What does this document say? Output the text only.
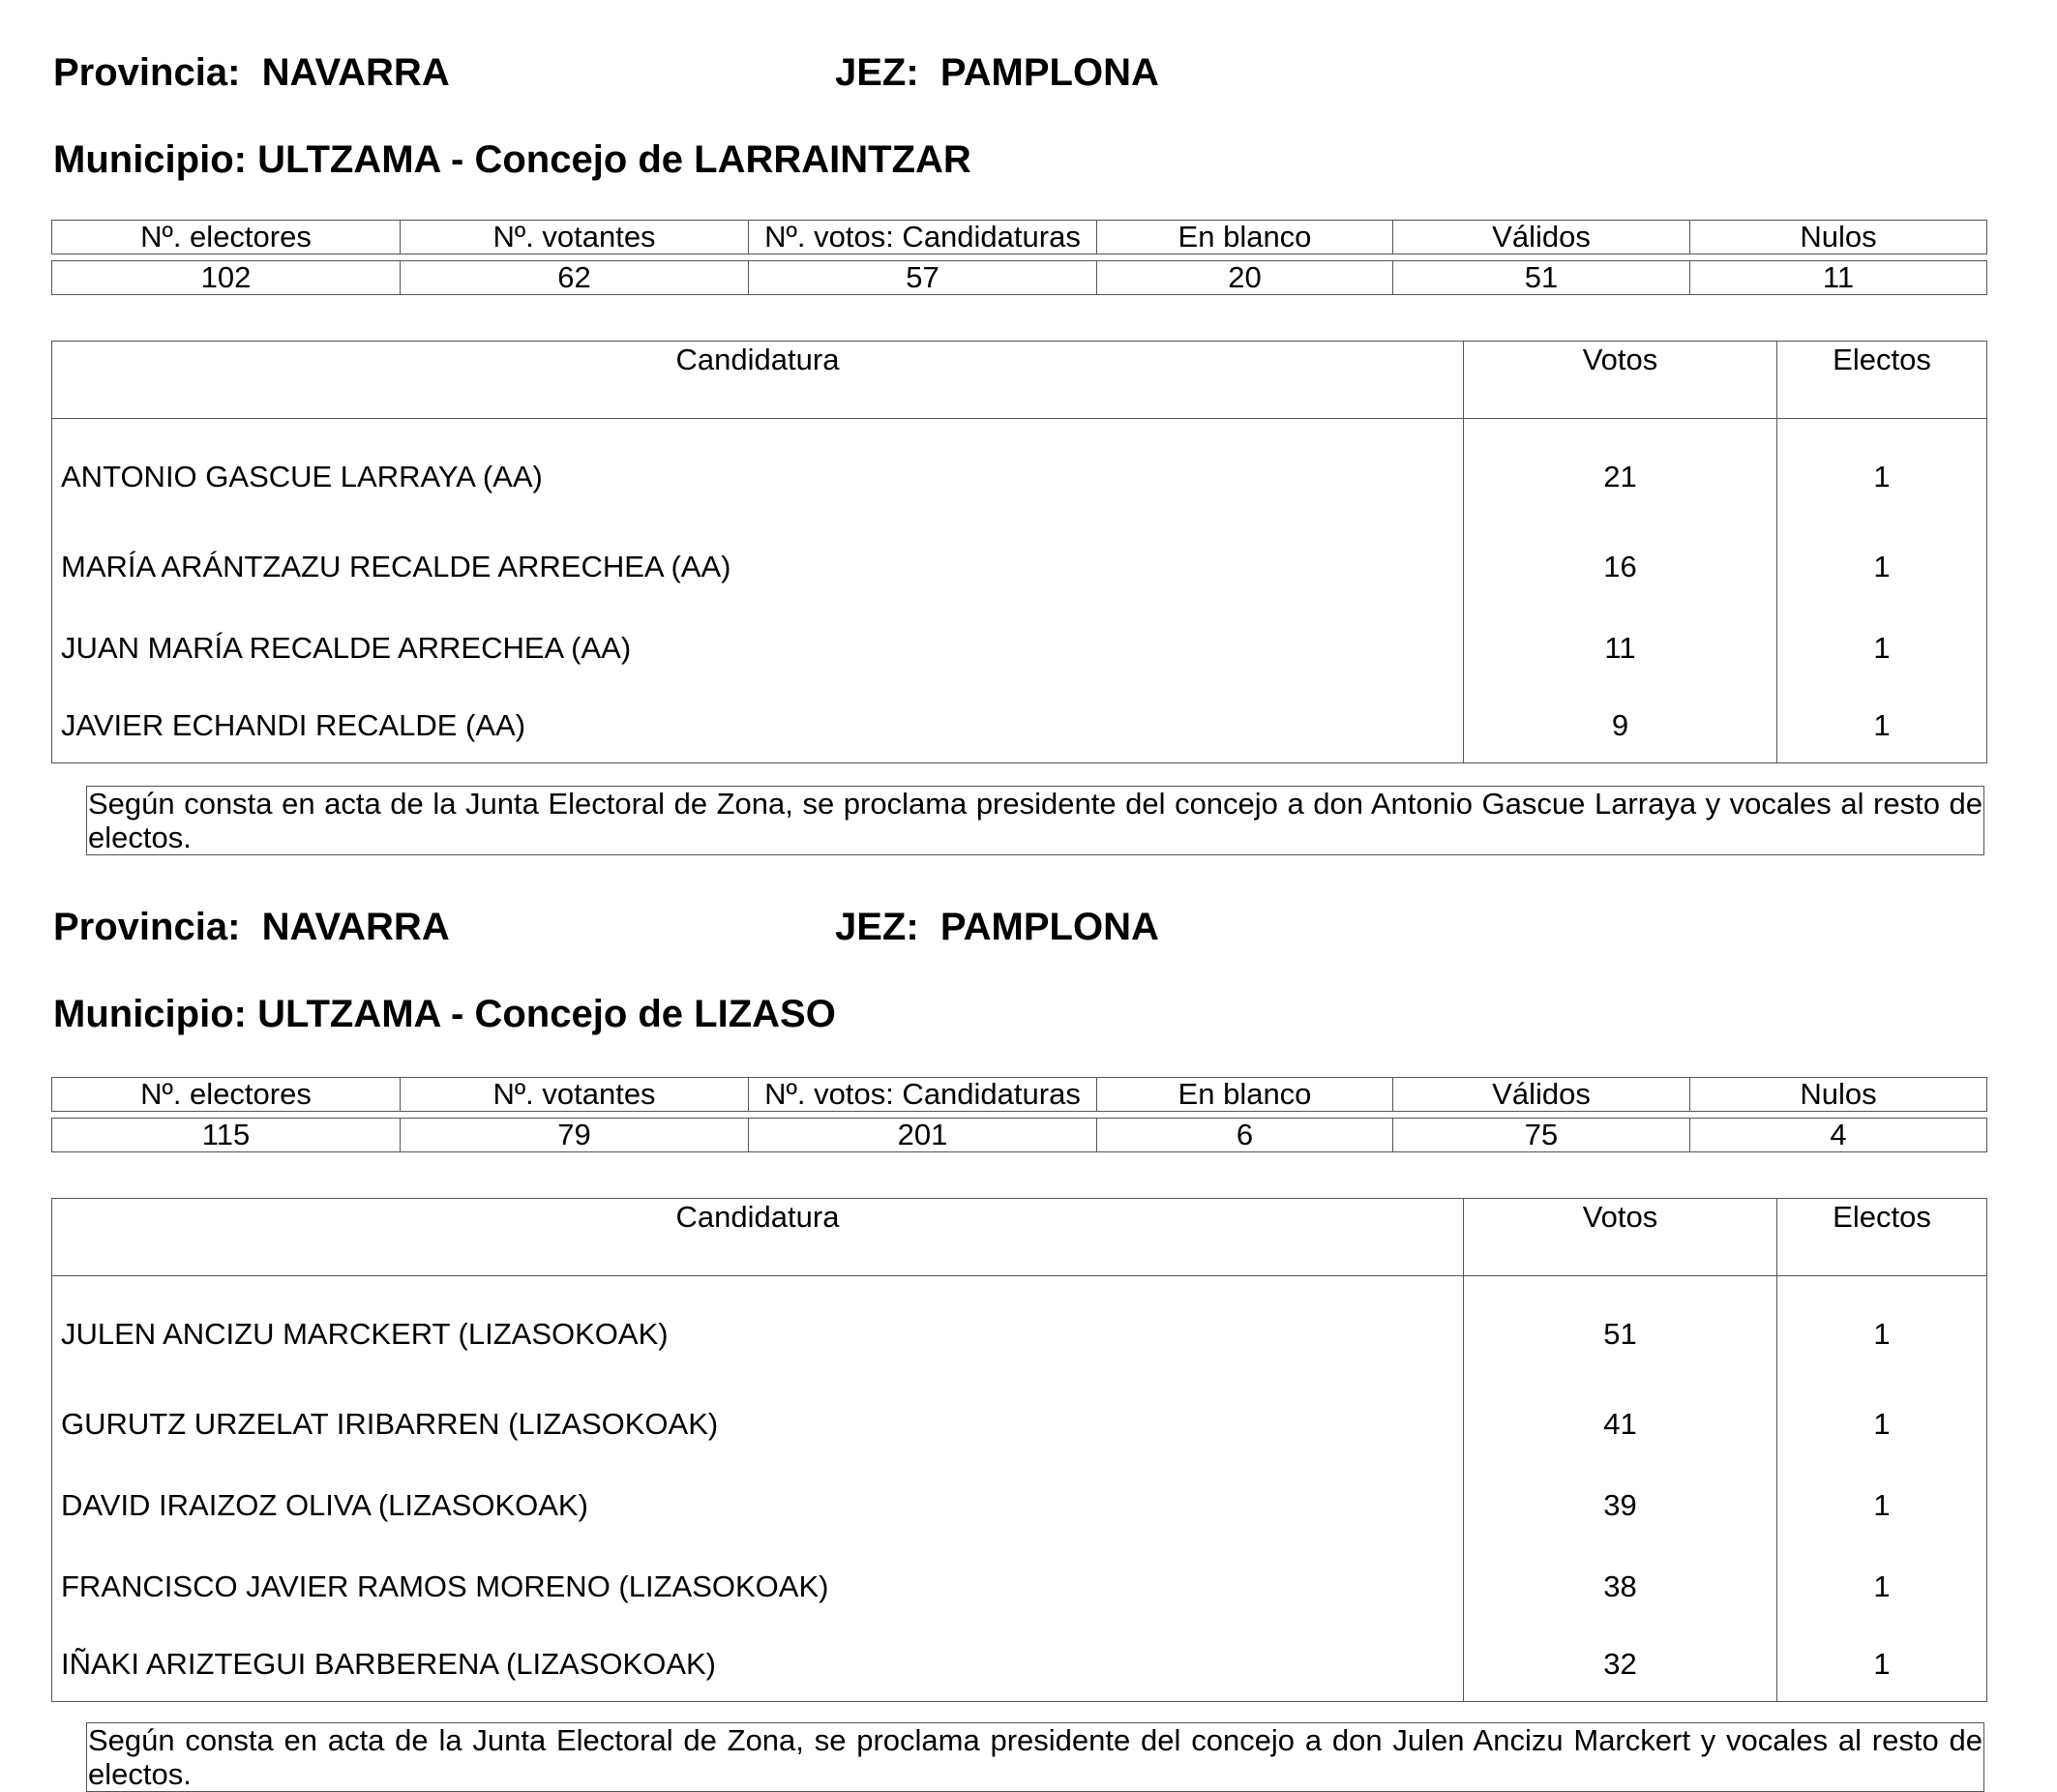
Provincia: NAVARRA	JEZ: PAMPLONA
Municipio: ULTZAMA - Concejo de LARRAINTZAR
Nº. electores	Nº. votantes	Nº. votos: Candidaturas	En blanco	Válidos	Nulos
102	62	57	20	51	11
Candidatura	Votos	Electos
ANTONIO GASCUE LARRAYA (AA)	21	1
MARÍA ARÁNTZAZU RECALDE ARRECHEA (AA)	16	1
JUAN MARÍA RECALDE ARRECHEA (AA)	11	1
JAVIER ECHANDI RECALDE (AA)	9	1
Según consta en acta de la Junta Electoral de Zona, se proclama presidente del concejo a don Antonio Gascue Larraya y vocales al resto de electos.
Provincia: NAVARRA	JEZ: PAMPLONA
Municipio: ULTZAMA - Concejo de LIZASO
Nº. electores	Nº. votantes	Nº. votos: Candidaturas	En blanco	Válidos	Nulos
115	79	201	6	75	4
Candidatura	Votos	Electos
JULEN ANCIZU MARCKERT (LIZASOKOAK)	51	1
GURUTZ URZELAT IRIBARREN (LIZASOKOAK)	41	1
DAVID IRAIZOZ OLIVA (LIZASOKOAK)	39	1
FRANCISCO JAVIER RAMOS MORENO (LIZASOKOAK)	38	1
IÑAKI ARIZTEGUI BARBERENA (LIZASOKOAK)	32	1
Según consta en acta de la Junta Electoral de Zona, se proclama presidente del concejo a don Julen Ancizu Marckert y vocales al resto de electos.
